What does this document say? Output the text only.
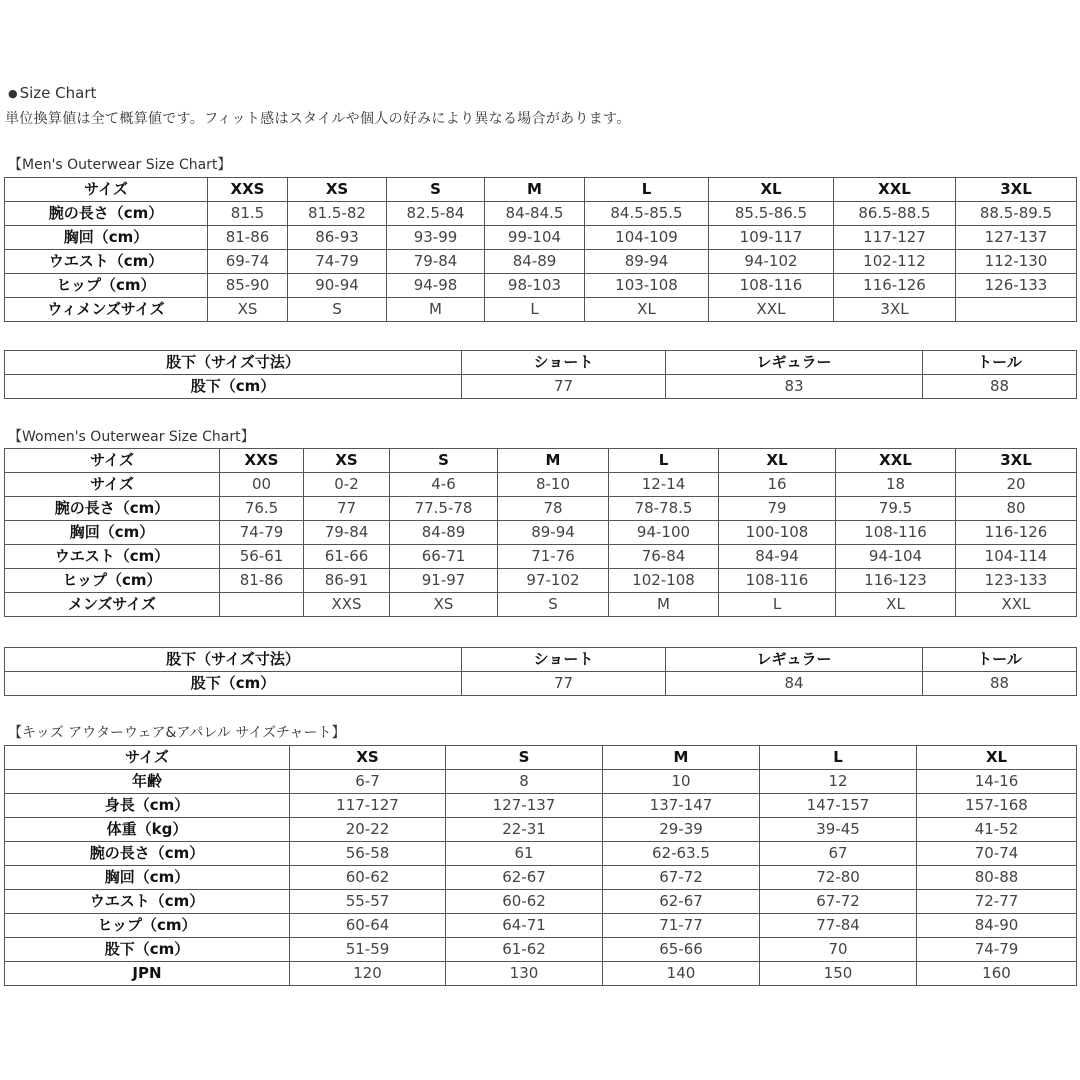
● Size Chart
単位換算値は全て概算値です。フィット感はスタイルや個人の好みにより異なる場合があります。
【Men's Outerwear Size Chart】
サイズ	XXS	XS	S	M	L	XL	XXL	3XL
腕の長さ（cm）	81.5	81.5-82	82.5-84	84-84.5	84.5-85.5	85.5-86.5	86.5-88.5	88.5-89.5
胸回（cm）	81-86	86-93	93-99	99-104	104-109	109-117	117-127	127-137
ウエスト（cm）	69-74	74-79	79-84	84-89	89-94	94-102	102-112	112-130
ヒップ（cm）	85-90	90-94	94-98	98-103	103-108	108-116	116-126	126-133
ウィメンズサイズ	XS	S	M	L	XL	XXL	3XL	
股下（サイズ寸法）	ショート	レギュラー	トール
股下（cm）	77	83	88
【Women's Outerwear Size Chart】
サイズ	XXS	XS	S	M	L	XL	XXL	3XL
サイズ	00	0-2	4-6	8-10	12-14	16	18	20
腕の長さ（cm）	76.5	77	77.5-78	78	78-78.5	79	79.5	80
胸回（cm）	74-79	79-84	84-89	89-94	94-100	100-108	108-116	116-126
ウエスト（cm）	56-61	61-66	66-71	71-76	76-84	84-94	94-104	104-114
ヒップ（cm）	81-86	86-91	91-97	97-102	102-108	108-116	116-123	123-133
メンズサイズ		XXS	XS	S	M	L	XL	XXL
股下（サイズ寸法）	ショート	レギュラー	トール
股下（cm）	77	84	88
【キッズ アウターウェア&アパレル サイズチャート】
サイズ	XS	S	M	L	XL
年齢	6-7	8	10	12	14-16
身長（cm）	117-127	127-137	137-147	147-157	157-168
体重（kg）	20-22	22-31	29-39	39-45	41-52
腕の長さ（cm）	56-58	61	62-63.5	67	70-74
胸回（cm）	60-62	62-67	67-72	72-80	80-88
ウエスト（cm）	55-57	60-62	62-67	67-72	72-77
ヒップ（cm）	60-64	64-71	71-77	77-84	84-90
股下（cm）	51-59	61-62	65-66	70	74-79
JPN	120	130	140	150	160
